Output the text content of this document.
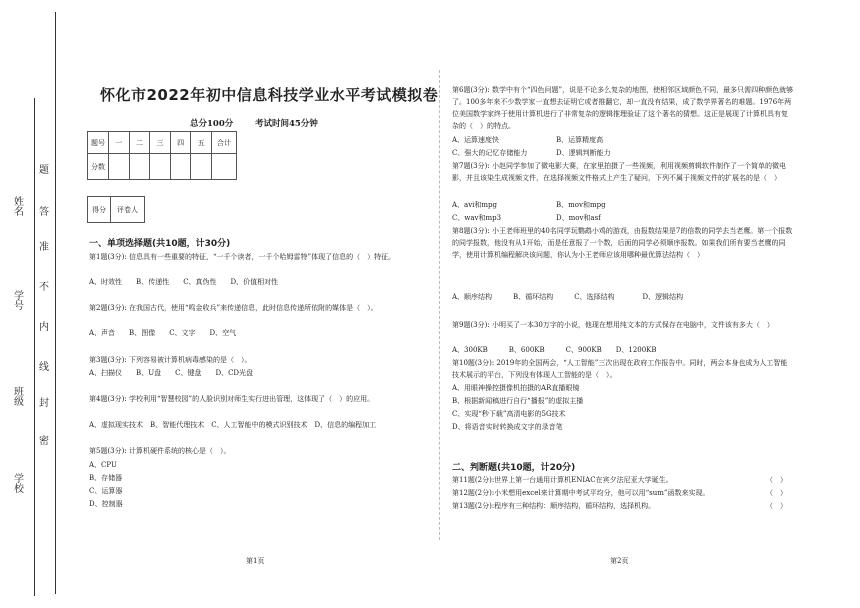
题
答
准
不
内
线
封
密
姓名
学号
班级
学校
怀化市2022年初中信息科技学业水平考试模拟卷
总分100分	考试时间45分钟
题号	一	二	三	四	五	合计
分数						
得分	评卷人
一、单项选择题(共10题，计30分)
第1题(3分): 信息具有一些重要的特征，“一千个读者，一千个哈姆雷特”体现了信息的（　）特征。
A、时效性　　B、传递性　　C、真伪性　　D、价值相对性
第2题(3分): 在我国古代，使用“鸣金收兵”来传递信息，此时信息传递所依附的媒体是（　）。
A、声音　　B、图像　　C、文字　　D、空气
第3题(3分): 下列容易被计算机病毒感染的是（　）。
A、扫描仪　　B、U盘　　C、键盘　　D、CD光盘
第4题(3分): 学校利用“智慧校园”的人脸识别对师生实行进出管理，这体现了（　）的应用。
A、虚拟现实技术　B、智能代理技术　C、人工智能中的模式识别技术　D、信息的编程加工
第5题(3分): 计算机硬件系统的核心是（　）。
A、CPU
B、存储器
C、运算器
D、控制器
第6题(3分): 数学中有个“四色问题”，说是不论多么复杂的地图，使相邻区域颜色不同，最多只需四种颜色就够了。100多年来不少数学家一直想去证明它或者推翻它，却一直没有结果，成了数学界著名的难题。1976年两位美国数学家终于使用计算机进行了非常复杂的逻辑推理验证了这个著名的猜想。这正是展现了计算机具有复杂的（　）的特点。
A、运算速度快	B、运算精度高
C、强大的记忆存储能力	D、逻辑判断能力
第7题(3分): 小赵同学参加了微电影大赛，在家里拍摄了一些视频，利用视频剪辑软件制作了一个简单的微电影，并且该染生成视频文件，在选择视频文件格式上产生了疑问，下列不属于视频文件的扩展名的是（　）
A、avi和mpg	B、mov和mpg
C、wav和mp3	D、mov和asf
第8题(3分): 小王老师班里的40名同学玩鹦鹉小鸡的游戏，由报数结果是7的倍数的同学去当老鹰。第一个报数的同学报数，他没有从1开始，而是任意报了一个数，后面的同学必须顺序报数。如果我们所有要当老鹰的同学，使用计算机编程解决该问题，你认为小王老师应该用哪种最优算法结构（　）
A、顺序结构　　　B、循环结构　　　C、选择结构　　　　D、逻辑结构
第9题(3分): 小明买了一本30万字的小说，他现在想用纯文本的方式保存在电脑中，文件该有多大（　）
A、300KB　　　B、600KB　　　C、900KB　　D、1200KB
第10题(3分): 2019年的全国两会，“人工智能”三次出现在政府工作报告中。同时，两会本身也成为人工智能技术展示的平台，下列没有体现人工智能的是（　）。
A、用眼神操控摄像机拍摄的AR直播眼镜
B、根据新闻稿进行自行“播报”的虚拟主播
C、实现“秒下载”高清电影的5G技术
D、将语音实时转换成文字的录音笔
二、判断题(共10题，计20分)
第11题(2分):世界上第一台通用计算机ENIAC在宾夕法尼亚大学诞生。	（　）
第12题(2分):小米想用excel来计算期中考试平均分，他可以用“sum”函数来实现。	（　）
第13题(2分):程序有三种结构：顺序结构，循环结构，选择机构。	（　）
第1页	第2页
